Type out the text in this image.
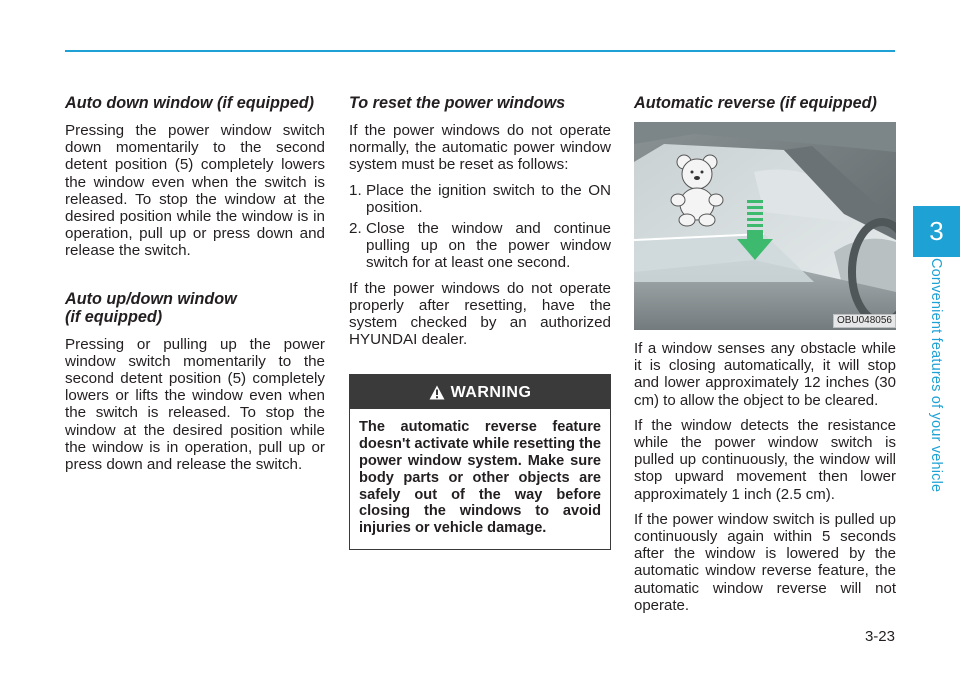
Auto down window (if equipped)

Pressing the power window switch down momentarily to the second detent position (5) completely lowers the window even when the switch is released. To stop the window at the desired position while the window is in operation, pull up or press down and release the switch.

Auto up/down window
(if equipped)

Pressing or pulling up the power window switch momentarily to the second detent position (5) completely lowers or lifts the window even when the switch is released. To stop the window at the desired position while the window is in operation, pull up or press down and release the switch.

To reset the power windows

If the power windows do not operate normally, the automatic power window system must be reset as follows:

1. Place the ignition switch to the ON position.
2. Close the window and continue pulling up on the power window switch for at least one second.

If the power windows do not operate properly after resetting, have the system checked by an authorized HYUNDAI dealer.

WARNING
The automatic reverse feature doesn't activate while resetting the power window system. Make sure body parts or other objects are safely out of the way before closing the windows to avoid injuries or vehicle damage.
Automatic reverse (if equipped)
OBU048056

If a window senses any obstacle while it is closing automatically, it will stop and lower approximately 12 inches (30 cm) to allow the object to be cleared.

If the window detects the resistance while the power window switch is pulled up continuously, the window will stop upward movement then lower approximately 1 inch (2.5 cm).

If the power window switch is pulled up continuously again within 5 seconds after the window is lowered by the automatic window reverse feature, the automatic window reverse will not operate.

3
Convenient features of your vehicle
3-23
